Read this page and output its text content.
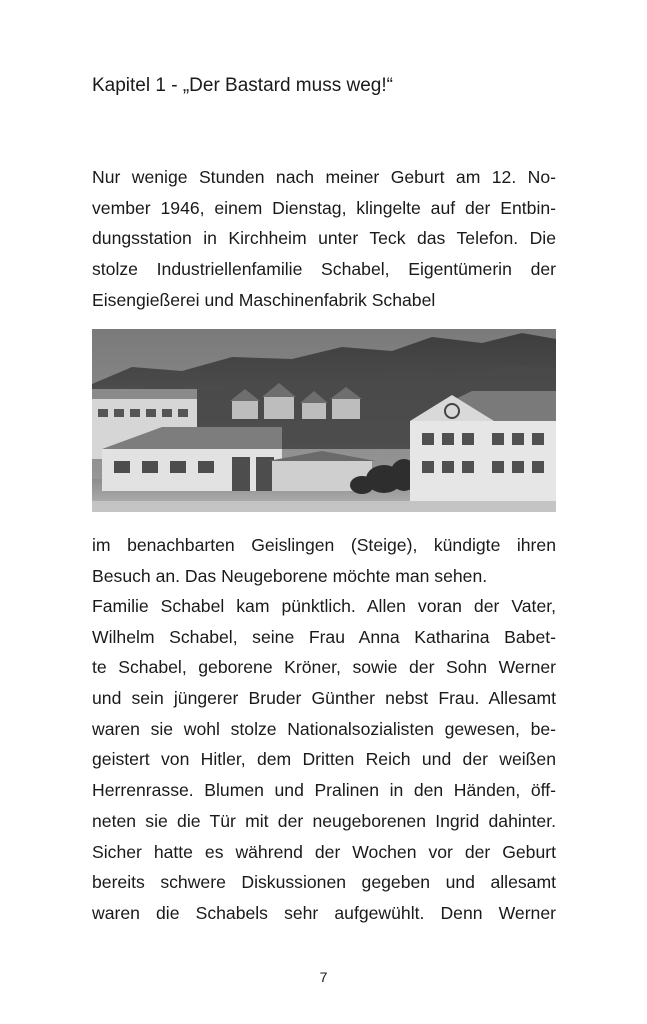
Kapitel 1 - „Der Bastard muss weg!“
Nur wenige Stunden nach meiner Geburt am 12. No-
vember 1946, einem Dienstag, klingelte auf der Entbin-
dungsstation in Kirchheim unter Teck das Telefon. Die
stolze Industriellenfamilie Schabel, Eigentümerin der
Eisengießerei und Maschinenfabrik Schabel
im benachbarten Geislingen (Steige), kündigte ihren
Besuch an. Das Neugeborene möchte man sehen.
Familie Schabel kam pünktlich. Allen voran der Vater,
Wilhelm Schabel, seine Frau Anna Katharina Babet-
te Schabel, geborene Kröner, sowie der Sohn Werner
und sein jüngerer Bruder Günther nebst Frau. Allesamt
waren sie wohl stolze Nationalsozialisten gewesen, be-
geistert von Hitler, dem Dritten Reich und der weißen
Herrenrasse. Blumen und Pralinen in den Händen, öff-
neten sie die Tür mit der neugeborenen Ingrid dahinter.
Sicher hatte es während der Wochen vor der Geburt
bereits schwere Diskussionen gegeben und allesamt
waren die Schabels sehr aufgewühlt. Denn Werner
7
